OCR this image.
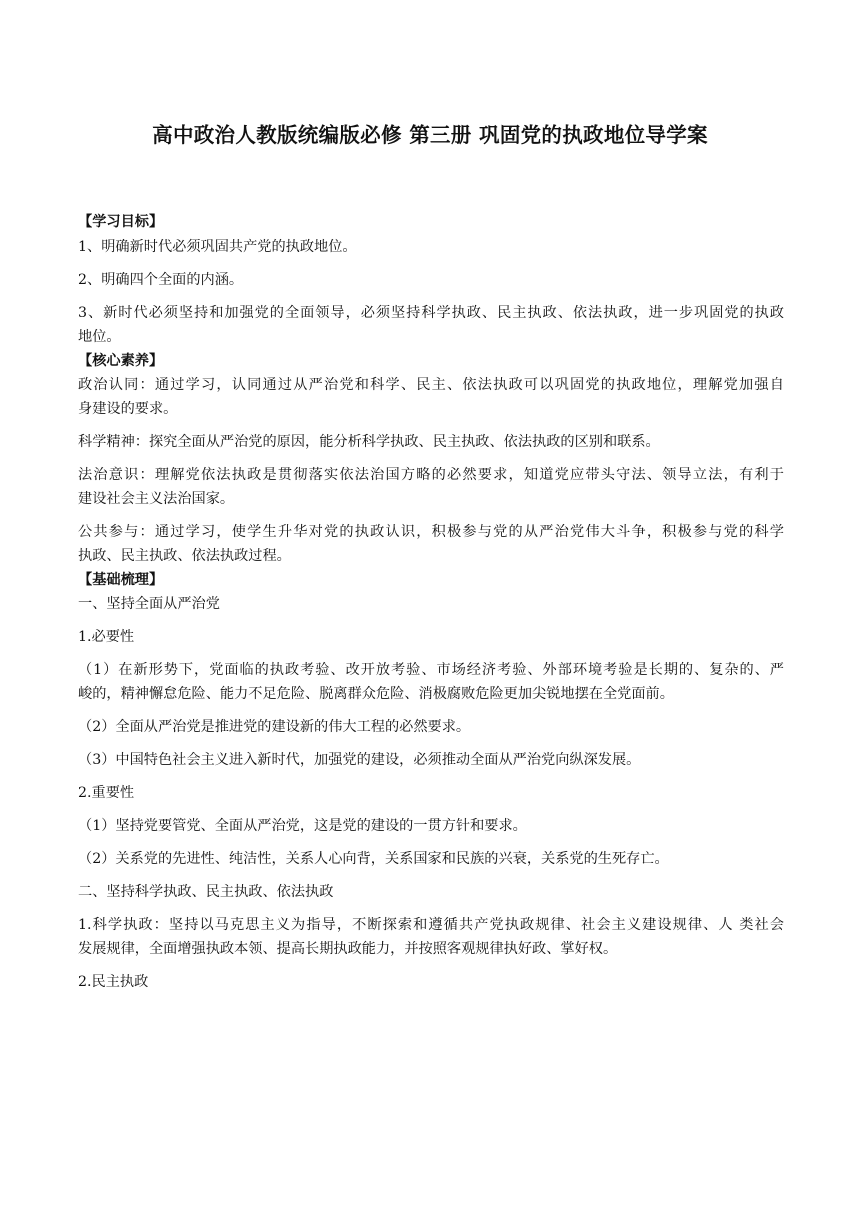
高中政治人教版统编版必修 第三册 巩固党的执政地位导学案
【学习目标】
1、明确新时代必须巩固共产党的执政地位。
2、明确四个全面的内涵。
3、新时代必须坚持和加强党的全面领导，必须坚持科学执政、民主执政、依法执政，进一步巩固党的执政
地位。
【核心素养】
政治认同：通过学习，认同通过从严治党和科学、民主、依法执政可以巩固党的执政地位，理解党加强自
身建设的要求。
科学精神：探究全面从严治党的原因，能分析科学执政、民主执政、依法执政的区别和联系。
法治意识：理解党依法执政是贯彻落实依法治国方略的必然要求，知道党应带头守法、领导立法，有利于
建设社会主义法治国家。
公共参与：通过学习，使学生升华对党的执政认识，积极参与党的从严治党伟大斗争，积极参与党的科学
执政、民主执政、依法执政过程。
【基础梳理】
一、坚持全面从严治党
1.必要性
（1）在新形势下，党面临的执政考验、改开放考验、市场经济考验、外部环境考验是长期的、复杂的、严
峻的，精神懈怠危险、能力不足危险、脱离群众危险、消极腐败危险更加尖锐地摆在全党面前。
（2）全面从严治党是推进党的建设新的伟大工程的必然要求。
（3）中国特色社会主义进入新时代，加强党的建设，必须推动全面从严治党向纵深发展。
2.重要性
（1）坚持党要管党、全面从严治党，这是党的建设的一贯方针和要求。
（2）关系党的先进性、纯洁性，关系人心向背，关系国家和民族的兴衰，关系党的生死存亡。
二、坚持科学执政、民主执政、依法执政
1.科学执政：坚持以马克思主义为指导，不断探索和遵循共产党执政规律、社会主义建设规律、人 类社会
发展规律，全面增强执政本领、提高长期执政能力，并按照客观规律执好政、掌好权。
2.民主执政
